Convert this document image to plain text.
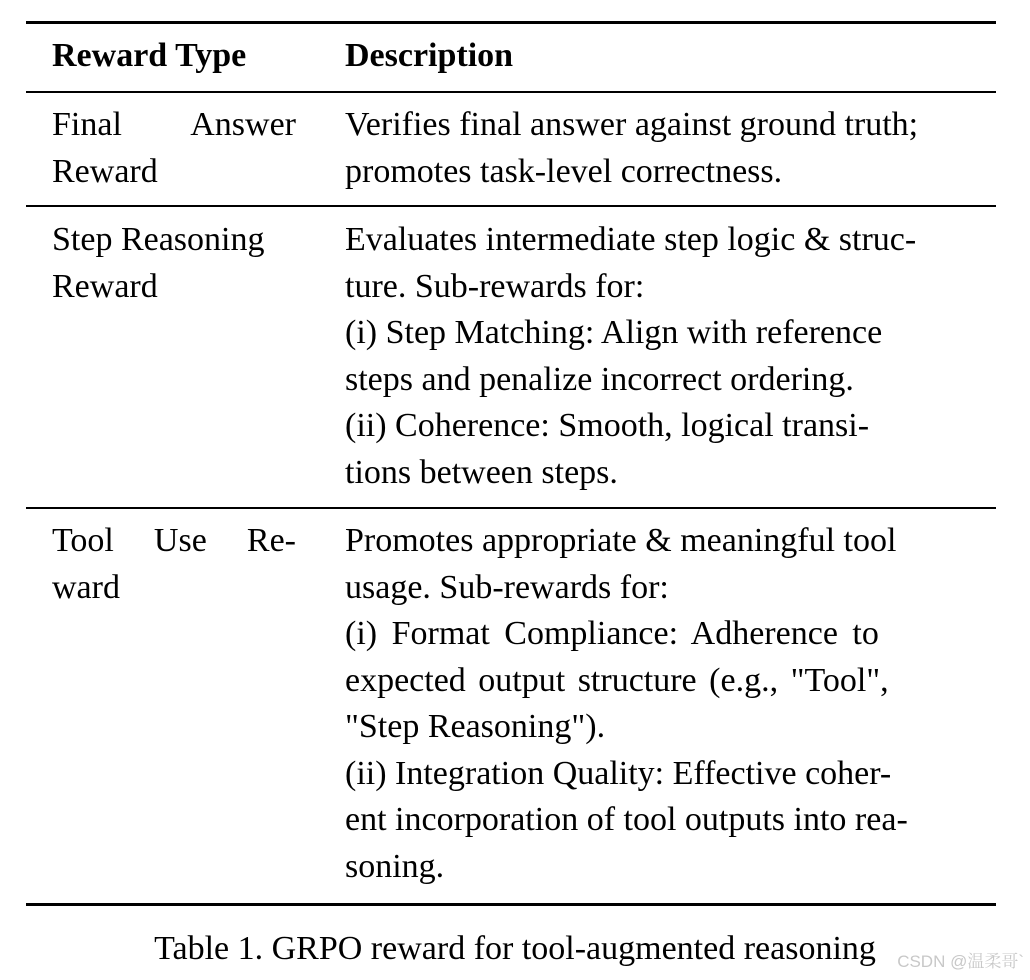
Reward Type	Description
Final Answer
Reward
Verifies final answer against ground truth;
promotes task-level correctness.
Step Reasoning
Reward
Evaluates intermediate step logic & struc-
ture. Sub-rewards for:
(i) Step Matching: Align with reference
steps and penalize incorrect ordering.
(ii) Coherence: Smooth, logical transi-
tions between steps.
Tool Use Re-
ward
Promotes appropriate & meaningful tool
usage. Sub-rewards for:
(i) Format Compliance: Adherence to
expected output structure (e.g., "Tool",
"Step Reasoning").
(ii) Integration Quality: Effective coher-
ent incorporation of tool outputs into rea-
soning.
Table 1. GRPO reward for tool-augmented reasoning	CSDN @温柔哥`
